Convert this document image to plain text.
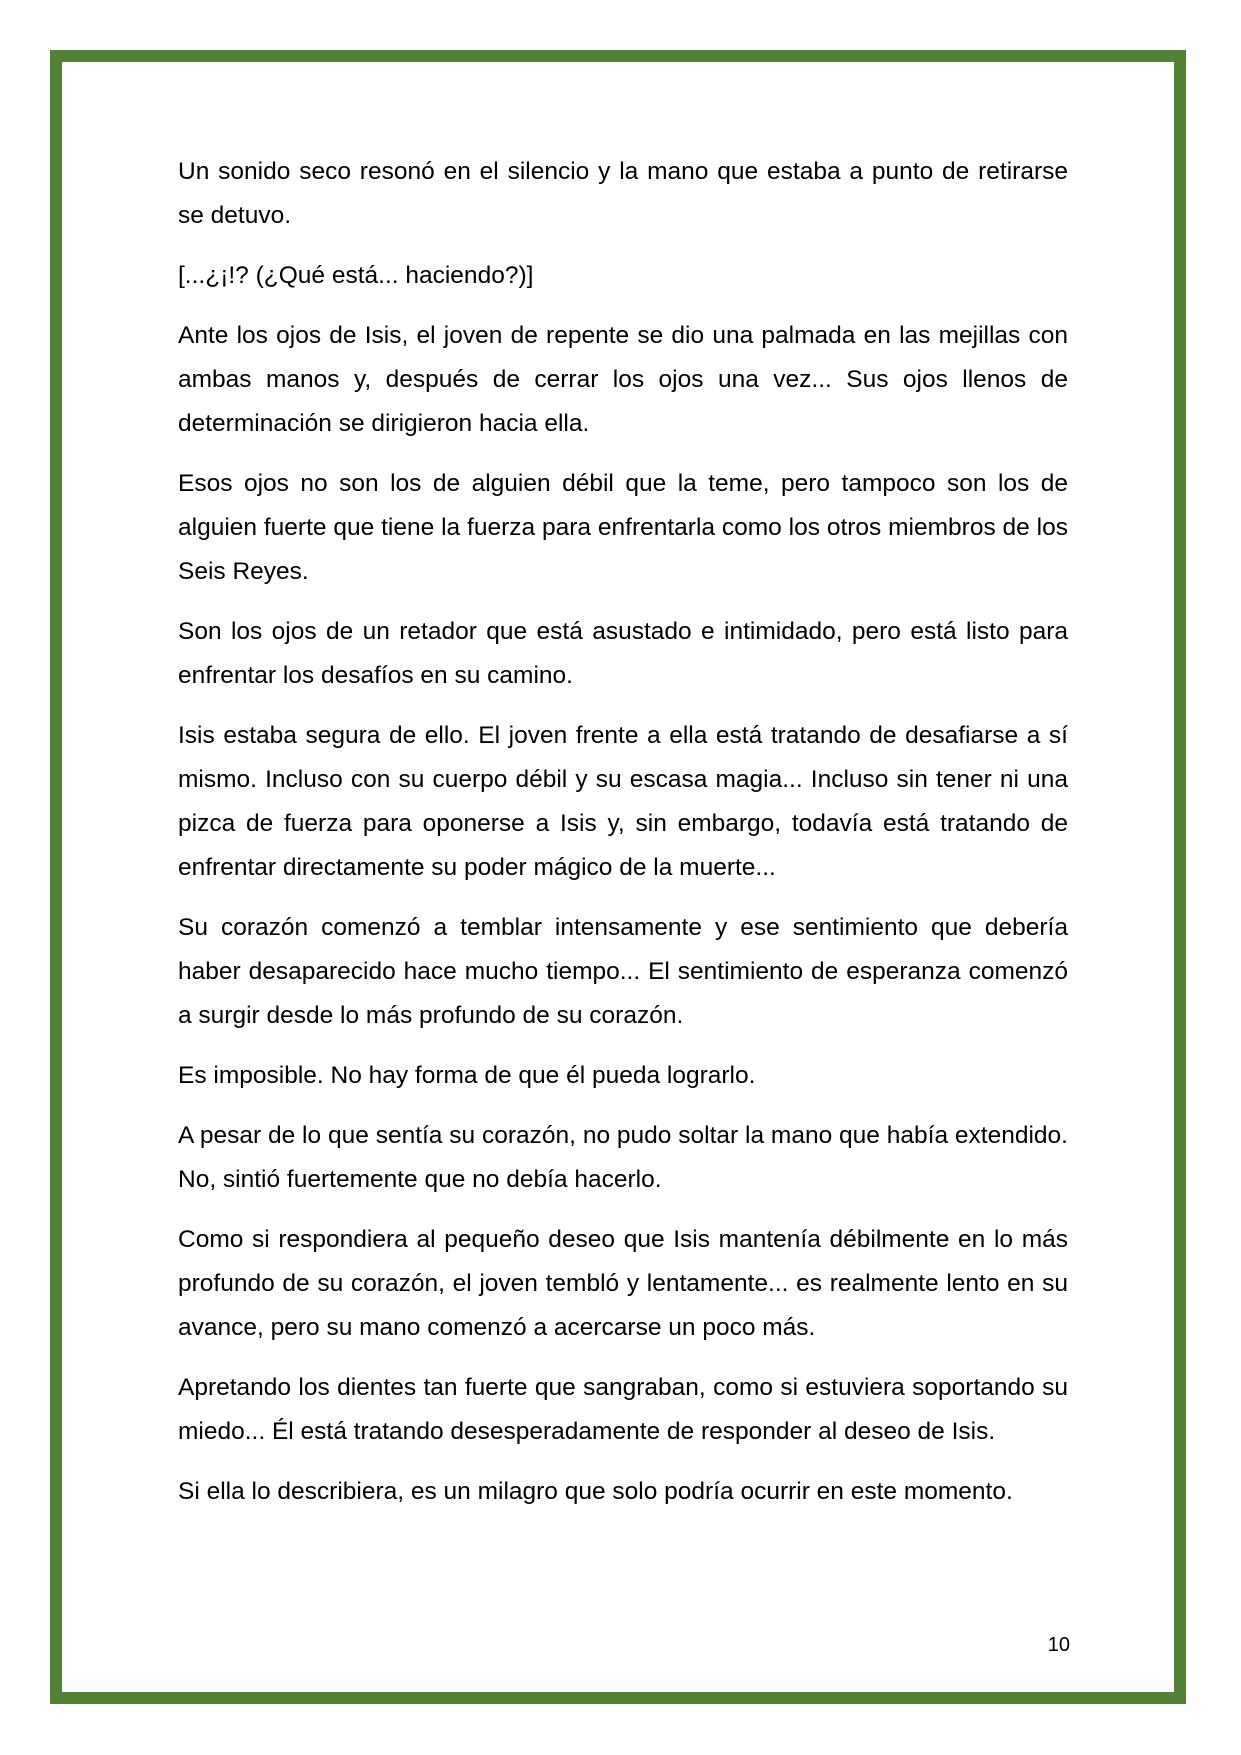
Un sonido seco resonó en el silencio y la mano que estaba a punto de retirarse se detuvo.

[...¿¡!? (¿Qué está... haciendo?)]

Ante los ojos de Isis, el joven de repente se dio una palmada en las mejillas con ambas manos y, después de cerrar los ojos una vez... Sus ojos llenos de determinación se dirigieron hacia ella.

Esos ojos no son los de alguien débil que la teme, pero tampoco son los de alguien fuerte que tiene la fuerza para enfrentarla como los otros miembros de los Seis Reyes.

Son los ojos de un retador que está asustado e intimidado, pero está listo para enfrentar los desafíos en su camino.

Isis estaba segura de ello. El joven frente a ella está tratando de desafiarse a sí mismo. Incluso con su cuerpo débil y su escasa magia... Incluso sin tener ni una pizca de fuerza para oponerse a Isis y, sin embargo, todavía está tratando de enfrentar directamente su poder mágico de la muerte...

Su corazón comenzó a temblar intensamente y ese sentimiento que debería haber desaparecido hace mucho tiempo... El sentimiento de esperanza comenzó a surgir desde lo más profundo de su corazón.

Es imposible. No hay forma de que él pueda lograrlo.

A pesar de lo que sentía su corazón, no pudo soltar la mano que había extendido. No, sintió fuertemente que no debía hacerlo.

Como si respondiera al pequeño deseo que Isis mantenía débilmente en lo más profundo de su corazón, el joven tembló y lentamente... es realmente lento en su avance, pero su mano comenzó a acercarse un poco más.

Apretando los dientes tan fuerte que sangraban, como si estuviera soportando su miedo... Él está tratando desesperadamente de responder al deseo de Isis.

Si ella lo describiera, es un milagro que solo podría ocurrir en este momento.

10
